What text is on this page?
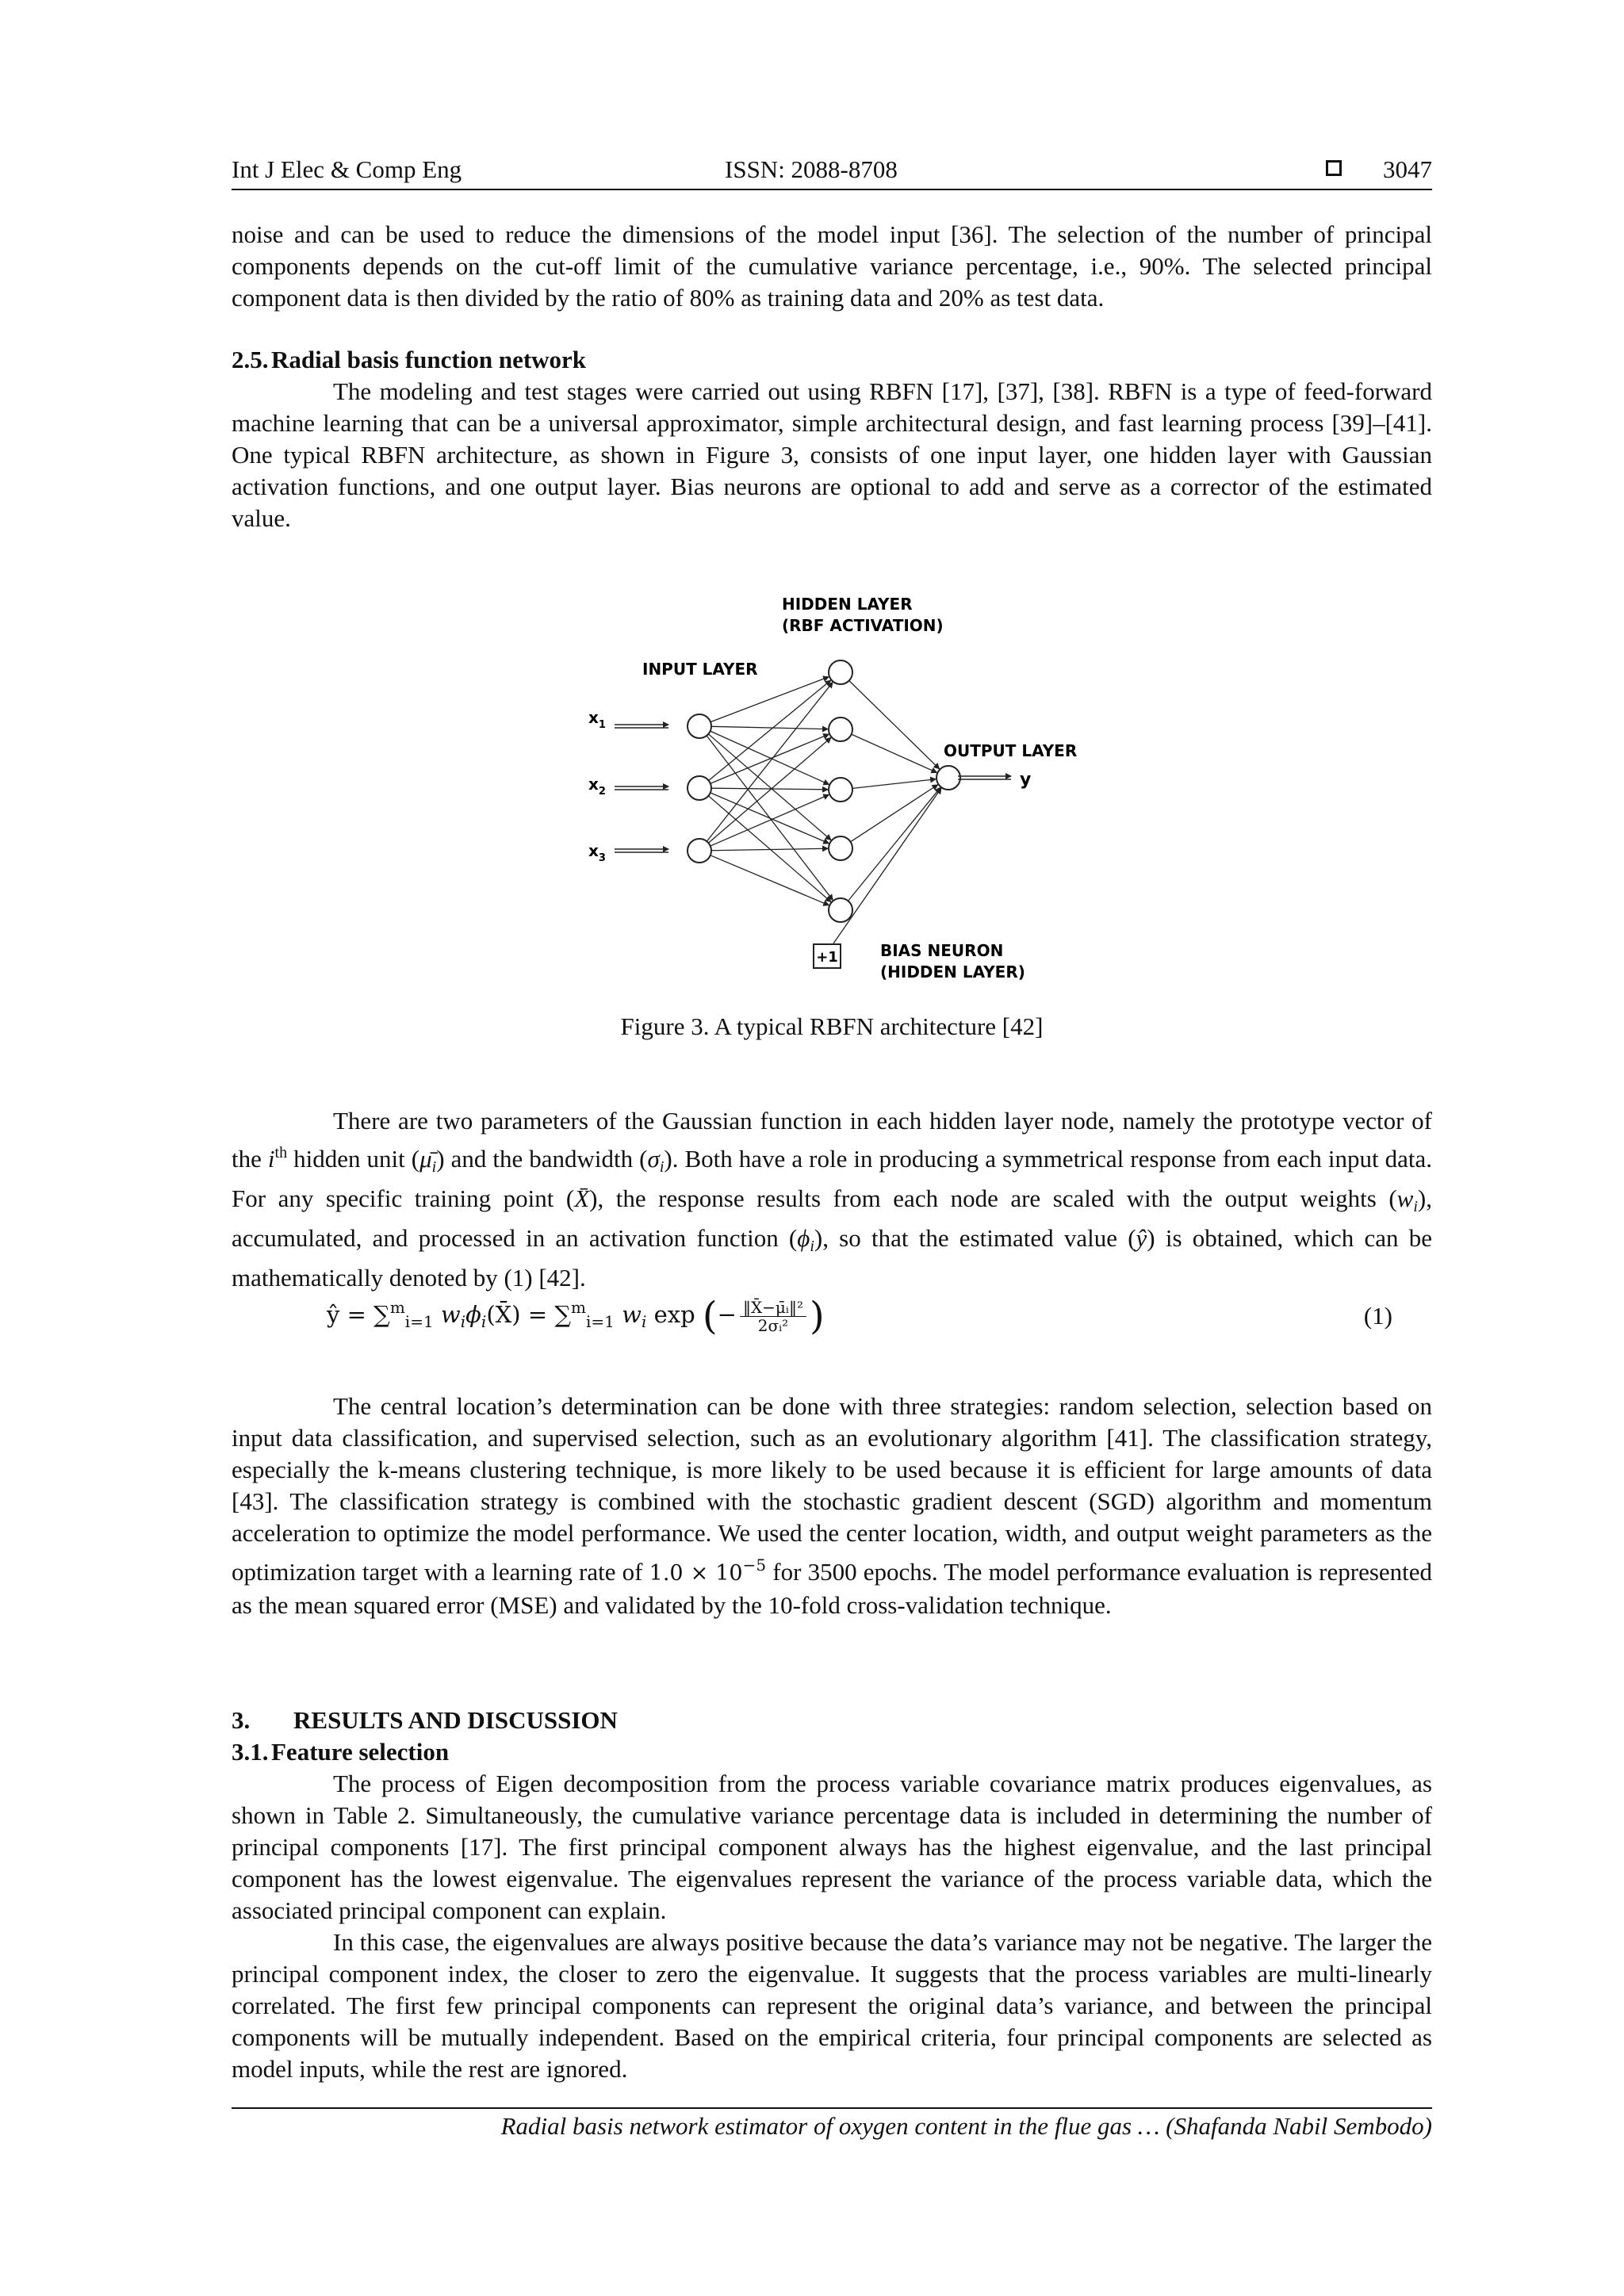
Int J Elec & Comp Eng	ISSN: 2088-8708	3047

noise and can be used to reduce the dimensions of the model input [36]. The selection of the number of principal components depends on the cut-off limit of the cumulative variance percentage, i.e., 90%. The selected principal component data is then divided by the ratio of 80% as training data and 20% as test data.

2.5. Radial basis function network

The modeling and test stages were carried out using RBFN [17], [37], [38]. RBFN is a type of feed-forward machine learning that can be a universal approximator, simple architectural design, and fast learning process [39]–[41]. One typical RBFN architecture, as shown in Figure 3, consists of one input layer, one hidden layer with Gaussian activation functions, and one output layer. Bias neurons are optional to add and serve as a corrector of the estimated value.

HIDDEN LAYER
(RBF ACTIVATION)
INPUT LAYER
OUTPUT LAYER
y
$x_1$
$x_2$
$x_3$
+1	BIAS NEURON
(HIDDEN LAYER)
Figure 3. A typical RBFN architecture [42]

There are two parameters of the Gaussian function in each hidden layer node, namely the prototype vector of the $i^{th}$ hidden unit $(\mū_i)$ and the bandwidth $(\sigma_i)$. Both have a role in producing a symmetrical response from each input data. For any specific training point (X̄), the response results from each node are scaled with the output weights $(w_i)$, accumulated, and processed in an activation function $(\phi_i)$, so that the estimated value (ŷ) is obtained, which can be mathematically denoted by (1) [42].

ŷ = ∑$^m_{i=1}$ $w_i\phi_i(X̄) = \sum^m_{i=1}$ $w_i$ exp (− $\frac{\text{‖X̄−μ̄ᵢ‖²}}{\text{2σᵢ²}}$ )	(1)

The central location’s determination can be done with three strategies: random selection, selection based on input data classification, and supervised selection, such as an evolutionary algorithm [41]. The classification strategy, especially the k-means clustering technique, is more likely to be used because it is efficient for large amounts of data [43]. The classification strategy is combined with the stochastic gradient descent (SGD) algorithm and momentum acceleration to optimize the model performance. We used the center location, width, and output weight parameters as the optimization target with a learning rate of $1.0 \times 10^{-5}$ for 3500 epochs. The model performance evaluation is represented as the mean squared error (MSE) and validated by the 10-fold cross-validation technique.

3. RESULTS AND DISCUSSION

3.1. Feature selection

The process of Eigen decomposition from the process variable covariance matrix produces eigenvalues, as shown in Table 2. Simultaneously, the cumulative variance percentage data is included in determining the number of principal components [17]. The first principal component always has the highest eigenvalue, and the last principal component has the lowest eigenvalue. The eigenvalues represent the variance of the process variable data, which the associated principal component can explain.

In this case, the eigenvalues are always positive because the data’s variance may not be negative. The larger the principal component index, the closer to zero the eigenvalue. It suggests that the process variables are multi-linearly correlated. The first few principal components can represent the original data’s variance, and between the principal components will be mutually independent. Based on the empirical criteria, four principal components are selected as model inputs, while the rest are ignored.

Radial basis network estimator of oxygen content in the flue gas … (Shafanda Nabil Sembodo)
